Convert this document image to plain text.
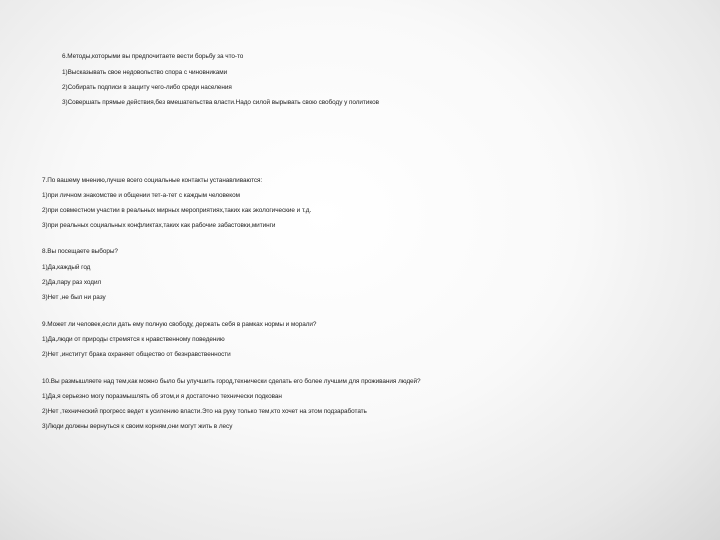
6.Методы,которыми вы предпочитаете вести борьбу за что-то
1)Высказывать свое недовольство спора с чиновниками
2)Собирать подписи в защиту чего-либо среди населения
3)Совершать прямые действия,без вмешательства власти.Надо силой вырывать свою свободу у политиков
7.По вашему мнению,лучше всего социальные контакты устанавливаются:
1)при личном знакомстве и общении тет-а-тет с каждым человеком
2)при совместном участии в реальных мирных мероприятиях,таких как экологические и т.д.
3)при реальных социальных конфликтах,таких как рабочие забастовки,митинги
8.Вы посещаете выборы?
1)Да,каждый год
2)Да,пару раз ходил
3)Нет ,не был ни разу
9.Может ли человек,если дать ему полную свободу, держать себя в рамках нормы и морали?
1)Да,люди от природы стремятся к нравственному поведению
2)Нет ,институт брака охраняет общество от безнравственности
10.Вы размышляете над тем,как можно было бы улучшить город,технически сделать его более лучшим для проживания людей?
1)Да,я серьезно могу поразмышлять об этом,и я достаточно технически подкован
2)Нет ,технический прогресс ведет к усилению власти.Это на руку только тем,кто хочет на этом подзаработать
3)Люди должны вернуться к своим корням,они могут жить в лесу
